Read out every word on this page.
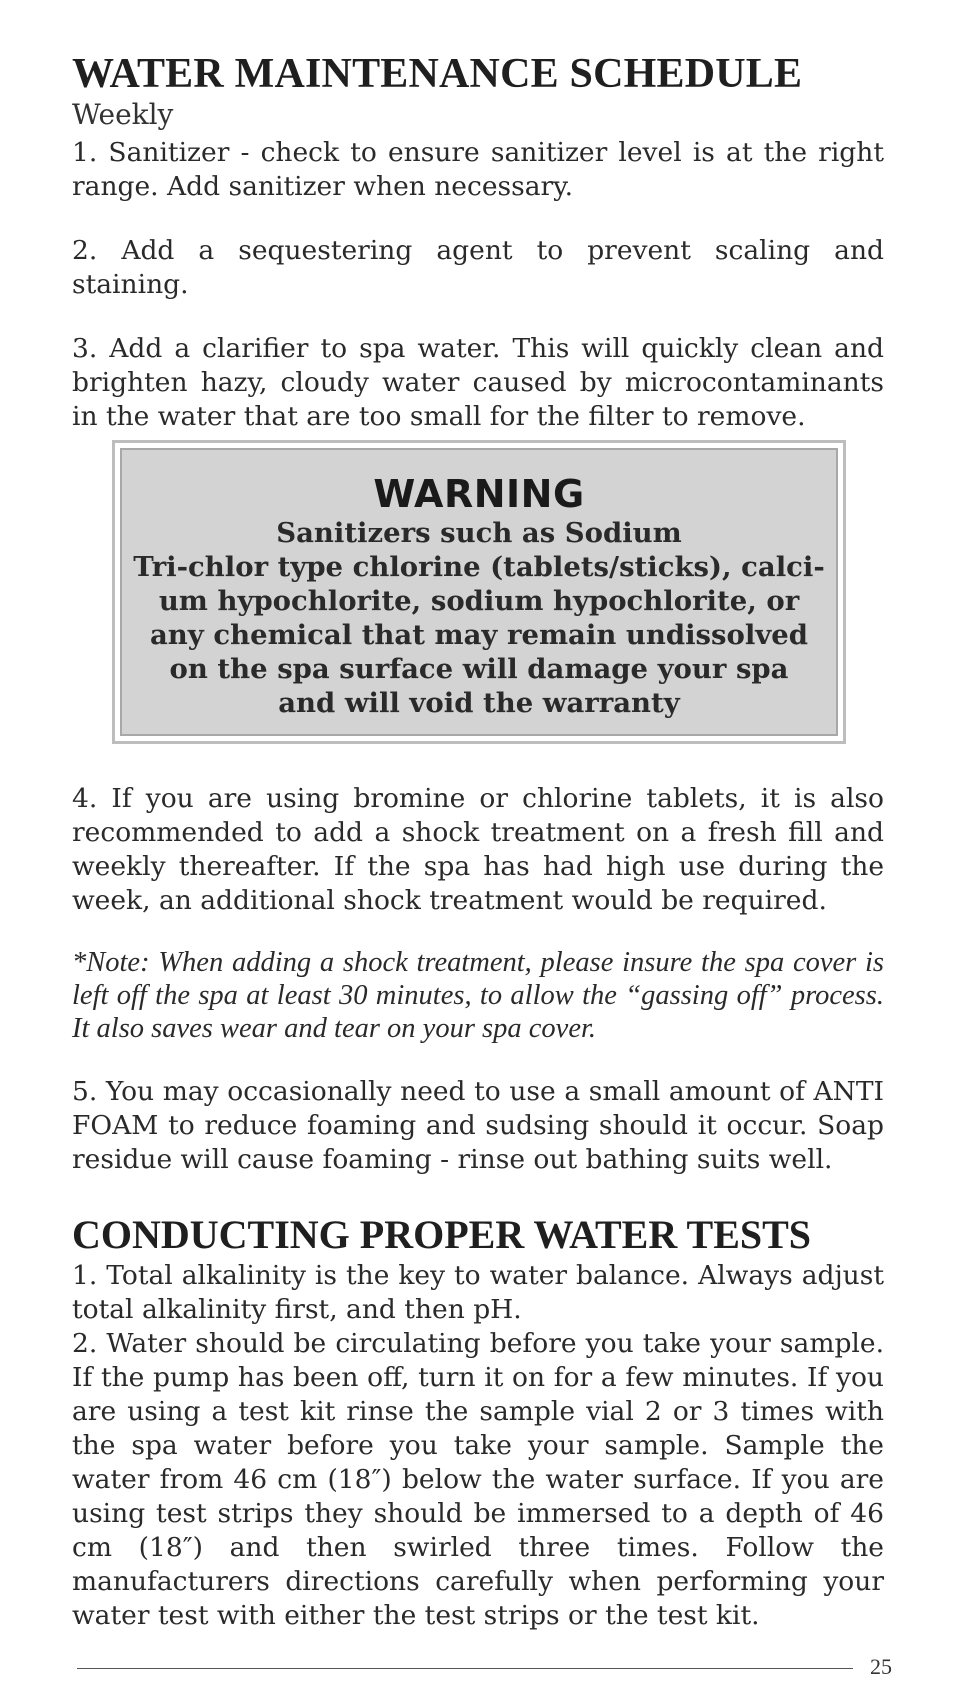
WATER MAINTENANCE SCHEDULE
Weekly

1. Sanitizer - check to ensure sanitizer level is at the right range. Add sanitizer when necessary.

2. Add a sequestering agent to prevent scaling and staining.

3. Add a clarifier to spa water. This will quickly clean and brighten hazy, cloudy water caused by microcontaminants in the water that are too small for the filter to remove.

WARNING
Sanitizers such as Sodium
Tri-chlor type chlorine (tablets/sticks), calci-
um hypochlorite, sodium hypochlorite, or
any chemical that may remain undissolved
on the spa surface will damage your spa
and will void the warranty

4. If you are using bromine or chlorine tablets, it is also recommended to add a shock treatment on a fresh fill and weekly thereafter. If the spa has had high use during the week, an additional shock treatment would be required.

*Note: When adding a shock treatment, please insure the spa cover is left off the spa at least 30 minutes, to allow the “gassing off” process. It also saves wear and tear on your spa cover.

5. You may occasionally need to use a small amount of ANTI FOAM to reduce foaming and sudsing should it occur. Soap residue will cause foaming - rinse out bathing suits well.

CONDUCTING PROPER WATER TESTS

1. Total alkalinity is the key to water balance. Always adjust total alkalinity first, and then pH.

2. Water should be circulating before you take your sample. If the pump has been off, turn it on for a few minutes. If you are using a test kit rinse the sample vial 2 or 3 times with the spa water before you take your sample. Sample the water from 46 cm (18″) below the water surface. If you are using test strips they should be immersed to a depth of 46 cm (18″) and then swirled three times. Follow the manufacturers directions carefully when performing your water test with either the test strips or the test kit.

25
